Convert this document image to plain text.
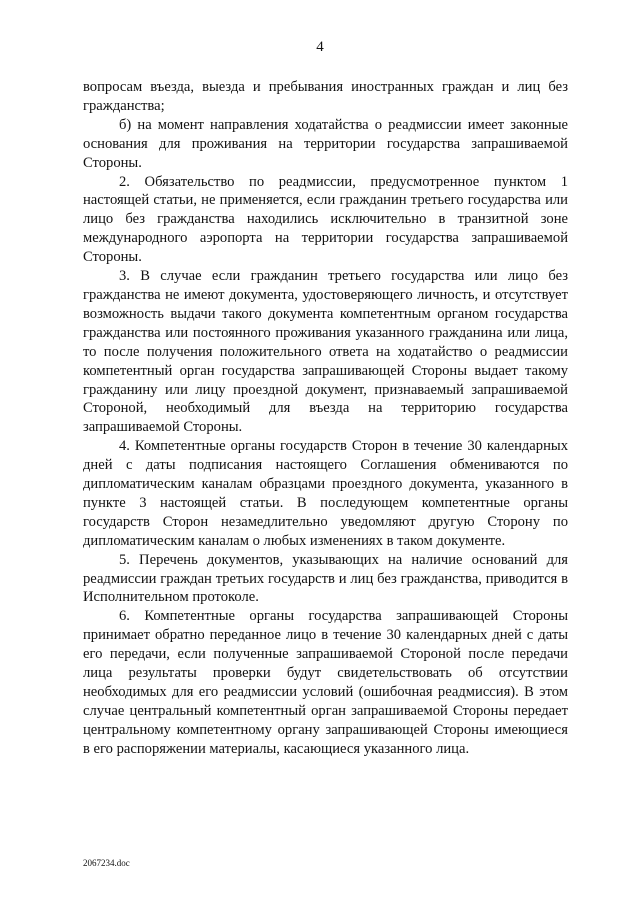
4

вопросам въезда, выезда и пребывания иностранных граждан и лиц без гражданства;

б) на момент направления ходатайства о реадмиссии имеет законные основания для проживания на территории государства запрашиваемой Стороны.

2. Обязательство по реадмиссии, предусмотренное пунктом 1 настоящей статьи, не применяется, если гражданин третьего государства или лицо без гражданства находились исключительно в транзитной зоне международного аэропорта на территории государства запрашиваемой Стороны.

3. В случае если гражданин третьего государства или лицо без гражданства не имеют документа, удостоверяющего личность, и отсутствует возможность выдачи такого документа компетентным органом государства гражданства или постоянного проживания указанного гражданина или лица, то после получения положительного ответа на ходатайство о реадмиссии компетентный орган государства запрашивающей Стороны выдает такому гражданину или лицу проездной документ, признаваемый запрашиваемой Стороной, необходимый для въезда на территорию государства запрашиваемой Стороны.

4. Компетентные органы государств Сторон в течение 30 календарных дней с даты подписания настоящего Соглашения обмениваются по дипломатическим каналам образцами проездного документа, указанного в пункте 3 настоящей статьи. В последующем компетентные органы государств Сторон незамедлительно уведомляют другую Сторону по дипломатическим каналам о любых изменениях в таком документе.

5. Перечень документов, указывающих на наличие оснований для реадмиссии граждан третьих государств и лиц без гражданства, приводится в Исполнительном протоколе.

6. Компетентные органы государства запрашивающей Стороны принимает обратно переданное лицо в течение 30 календарных дней с даты его передачи, если полученные запрашиваемой Стороной после передачи лица результаты проверки будут свидетельствовать об отсутствии необходимых для его реадмиссии условий (ошибочная реадмиссия). В этом случае центральный компетентный орган запрашиваемой Стороны передает центральному компетентному органу запрашивающей Стороны имеющиеся в его распоряжении материалы, касающиеся указанного лица.

2067234.doc
